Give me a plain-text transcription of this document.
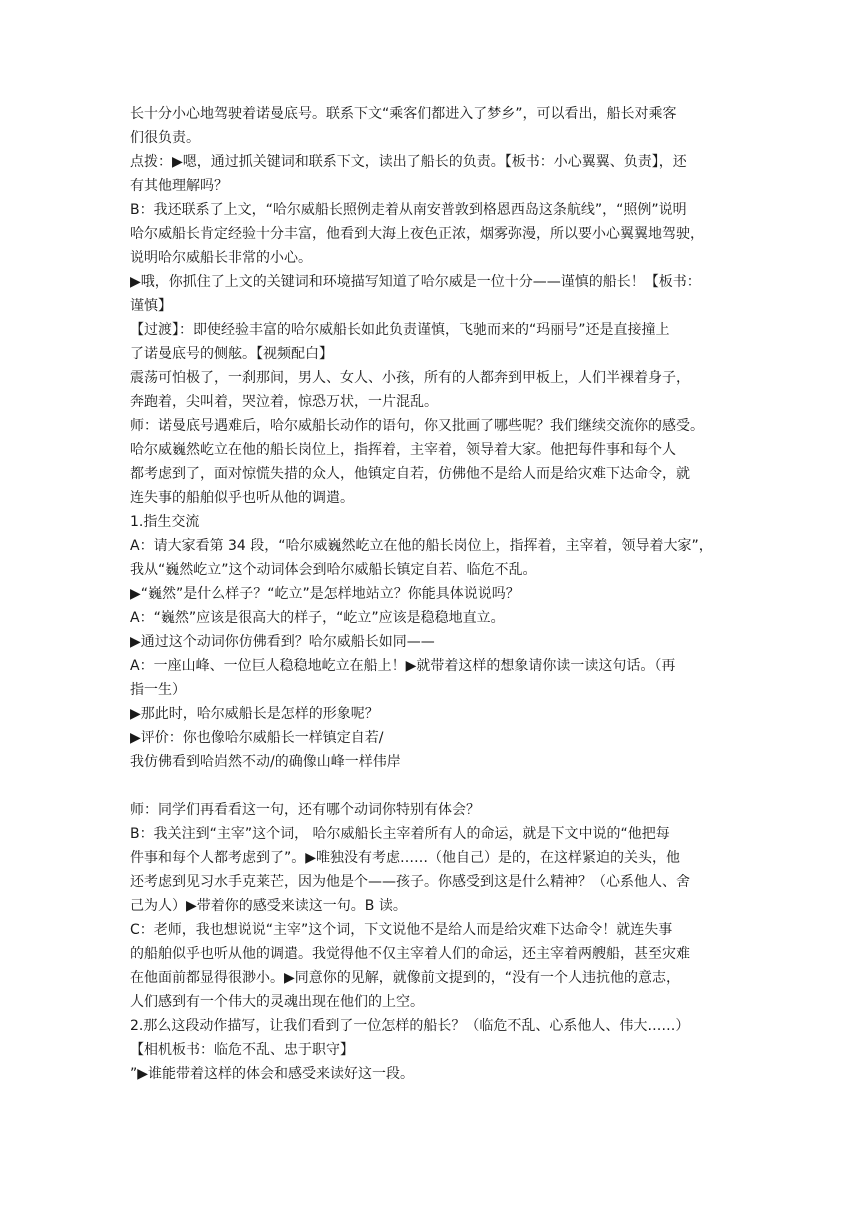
长十分小心地驾驶着诺曼底号。联系下文“乘客们都进入了梦乡”，可以看出，船长对乘客
们很负责。
点拨：▶嗯，通过抓关键词和联系下文，读出了船长的负责。【板书：小心翼翼、负责】，还
有其他理解吗？
B：我还联系了上文，“哈尔威船长照例走着从南安普敦到格恩西岛这条航线”，“照例”说明
哈尔威船长肯定经验十分丰富，他看到大海上夜色正浓，烟雾弥漫，所以要小心翼翼地驾驶，
说明哈尔威船长非常的小心。
▶哦，你抓住了上文的关键词和环境描写知道了哈尔威是一位十分——谨慎的船长！【板书：
谨慎】
【过渡】：即使经验丰富的哈尔威船长如此负责谨慎，飞驰而来的“玛丽号”还是直接撞上
了诺曼底号的侧舷。【视频配白】
震荡可怕极了，一刹那间，男人、女人、小孩，所有的人都奔到甲板上，人们半裸着身子，
奔跑着，尖叫着，哭泣着，惊恐万状，一片混乱。
师：诺曼底号遇难后，哈尔威船长动作的语句，你又批画了哪些呢？我们继续交流你的感受。
哈尔威巍然屹立在他的船长岗位上，指挥着，主宰着，领导着大家。他把每件事和每个人
都考虑到了，面对惊慌失措的众人，他镇定自若，仿佛他不是给人而是给灾难下达命令，就
连失事的船舶似乎也听从他的调遣。
1.指生交流
A：请大家看第 34 段，“哈尔威巍然屹立在他的船长岗位上，指挥着，主宰着，领导着大家”，
我从“巍然屹立”这个动词体会到哈尔威船长镇定自若、临危不乱。
▶“巍然”是什么样子？“屹立”是怎样地站立？你能具体说说吗？
A：“巍然”应该是很高大的样子，“屹立”应该是稳稳地直立。
▶通过这个动词你仿佛看到？哈尔威船长如同——
A：一座山峰、一位巨人稳稳地屹立在船上！▶就带着这样的想象请你读一读这句话。（再
指一生）
▶那此时，哈尔威船长是怎样的形象呢？
▶评价：你也像哈尔威船长一样镇定自若/
我仿佛看到哈岿然不动/的确像山峰一样伟岸
师：同学们再看看这一句，还有哪个动词你特别有体会？
B：我关注到“主宰”这个词， 哈尔威船长主宰着所有人的命运，就是下文中说的“他把每
件事和每个人都考虑到了”。▶唯独没有考虑……（他自己）是的，在这样紧迫的关头，他
还考虑到见习水手克莱芒，因为他是个——孩子。你感受到这是什么精神？（心系他人、舍
己为人）▶带着你的感受来读这一句。B 读。
C：老师，我也想说说“主宰”这个词，下文说他不是给人而是给灾难下达命令！就连失事
的船舶似乎也听从他的调遣。我觉得他不仅主宰着人们的命运，还主宰着两艘船，甚至灾难
在他面前都显得很渺小。▶同意你的见解，就像前文提到的，“没有一个人违抗他的意志，
人们感到有一个伟大的灵魂出现在他们的上空。
2.那么这段动作描写，让我们看到了一位怎样的船长？（临危不乱、心系他人、伟大……）
【相机板书：临危不乱、忠于职守】
”▶谁能带着这样的体会和感受来读好这一段。
